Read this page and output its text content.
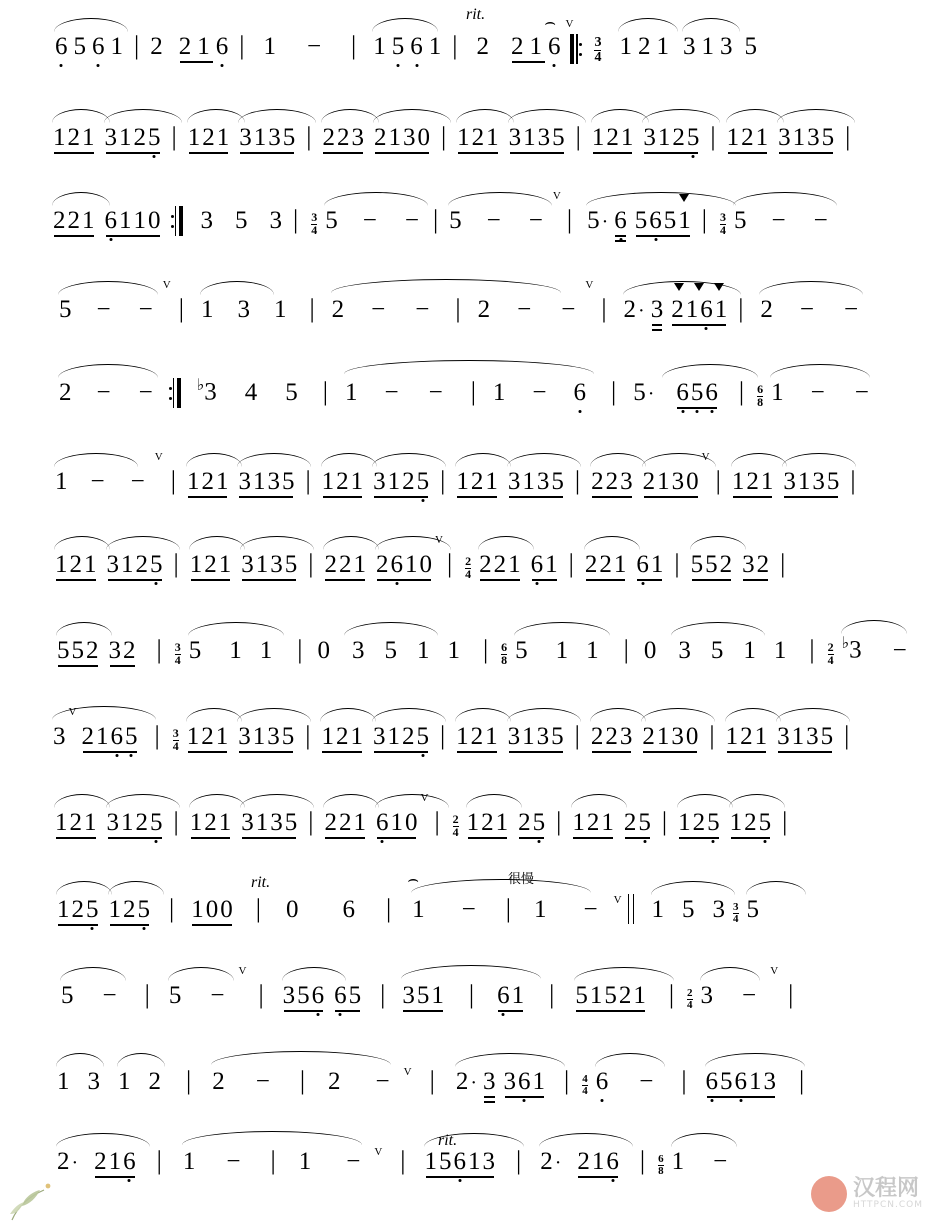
6 5 6 1 | 2 2 1 6 | 1 − | 1 5 6 1 | 2 2 1 6
⌢ V

$\frac{3}{4}$
1 2 1 3 1 3 5
rit.
121 3125 | 121 3135 | 223 2130 | 121 3135 | 121 3125 | 121 3135 |
221 6110 3 5 3 | $\frac{3}{4}$
5 − − | 5 − −
V
| 5 · 6 5651 | $\frac{3}{4}$
5 − −
5 − −
V
| 1 3 1 | 2 − − | 2 − −
V
| 2 · 3 2
1
6
1 | 2 − −
2 − −	♭3 4 5 | 1 − − | 1 − 6 | 5 · 656 | $\frac{6}{8}$
1 − −
1 − −
V
| 121 3135 | 121 3125 | 121 3135 | 223 2130
V
| 121 3135 |
121 3125 | 121 3135 | 221 2610
V
| $\frac{2}{4}$
221 61 | 221 61 | 552 32 |
552 32 | $\frac{3}{4}$
5 1 1 | 0 3 5 1 1 | $\frac{6}{8}$
5 1 1 | 0 3 5 1 1 | $\frac{2}{4}$
♭3 −
3 2165
V
| $\frac{3}{4}$
121 3135 | 121 3125 | 121 3135 | 223 2130 | 121 3135 |
121 3125 | 121 3135 | 221 610
V
| $\frac{2}{4}$
121 25 | 121 25 | 125 125 |
125 125 | 100 | 0 6 | 1
⌢
− | 1 − $^V$
1 5 $3 \frac{3}{4}$
5
rit.	很慢
5 − | 5 −
V
| 356 65 | 351 | 61 | 51521 | $\frac{2}{4}$
3 −
V
|
1 3 1 2 | 2 − | 2 − $^V$ | 2 · 3 361 | $\frac{4}{4}$
6 − | 65613 |
2 · 216 | 1 − | 1 − $^V$ | 15613 | 2 · 216 | $\frac{6}{8}$
1 −
rit.
汉程网
HTTPCN.COM
